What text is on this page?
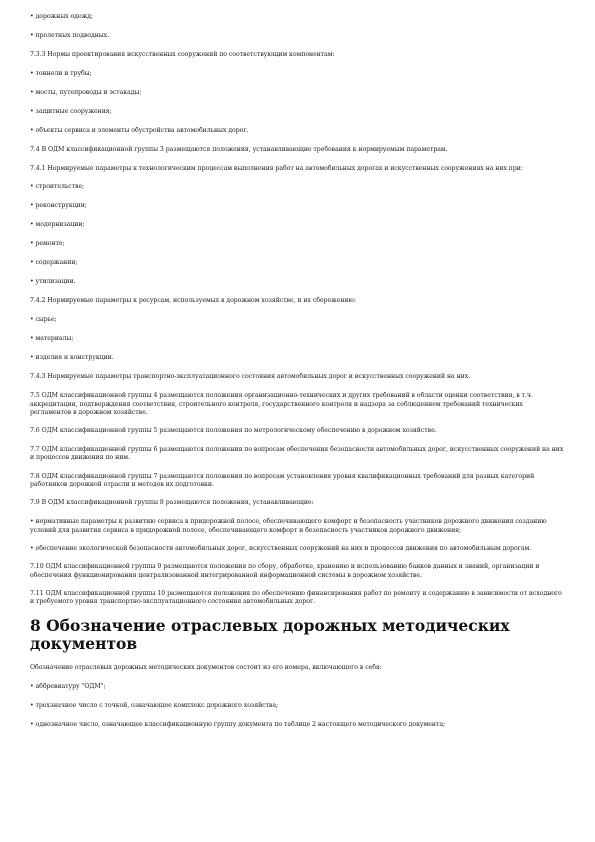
• дорожных одежд;

• пролетных подводных.

7.3.3 Нормы проектирования искусственных сооружений по соответствующим компонентам:

• тоннели и трубы;

• мосты, путепроводы и эстакады;

• защитные сооружения;

• объекты сервиса и элементы обустройства автомобильных дорог.

7.4 В ОДМ классификационной группы 3 размещаются положения, устанавливающие требования к нормируемым параметрам.

7.4.1 Нормируемые параметры к технологическим процессам выполнения работ на автомобильных дорогах и искусственных сооружениях на них при:

• строительстве;

• реконструкции;

• модернизации;

• ремонте;

• содержании;

• утилизации.

7.4.2 Нормируемые параметры к ресурсам, используемых в дорожном хозяйстве, и их сбережению:

• сырье;

• материалы;

• изделия и конструкции.

7.4.3 Нормируемые параметры транспортно-эксплуатационного состояния автомобильных дорог и искусственных сооружений на них.

7.5 ОДМ классификационной группы 4 размещаются положения организационно-технических и других требований в области оценки соответствия, в т.ч. аккредитации, подтверждения соответствия, строительного контроля, государственного контроля и надзора за соблюдением требований технических регламентов в дорожном хозяйстве.

7.6 ОДМ классификационной группы 5 размещаются положения по метрологическому обеспечению в дорожном хозяйстве.

7.7 ОДМ классификационной группы 6 размещаются положения по вопросам обеспечения безопасности автомобильных дорог, искусственных сооружений на них и процессов движения по ним.

7.8 ОДМ классификационной группы 7 размещаются положения по вопросам установления уровня квалификационных требований для разных категорий работников дорожной отрасли и методов их подготовки.

7.9 В ОДМ классификационной группы 8 размещаются положения, устанавливающие:

• нормативные параметры к развитию сервиса в придорожной полосе, обеспечивающего комфорт и безопасность участников дорожного движения созданию условий для развития сервиса в придорожной полосе, обеспечивающего комфорт и безопасность участников дорожного движения;

• обеспечение экологической безопасности автомобильных дорог, искусственных сооружений на них и процессов движения по автомобильным дорогам.

7.10 ОДМ классификационной группы 9 размещаются положения по сбору, обработке, хранению и использованию банков данных и знаний, организации и обеспечения функционирования централизованной интегрированной информационной системы в дорожном хозяйстве.

7.11 ОДМ классификационной группы 10 размещаются положения по обеспечению финансирования работ по ремонту и содержанию в зависимости от исходного и требуемого уровня транспортно-эксплуатационного состояния автомобильных дорог.

8 Обозначение отраслевых дорожных методических документов

Обозначение отраслевых дорожных методических документов состоит из его номера, включающего в себя:

• аббревиатуру "ОДМ";

• трехзначное число с точкой, означающее комплекс дорожного хозяйства;

• однозначное число, означающее классификационную группу документа по таблице 2 настоящего методического документа;
